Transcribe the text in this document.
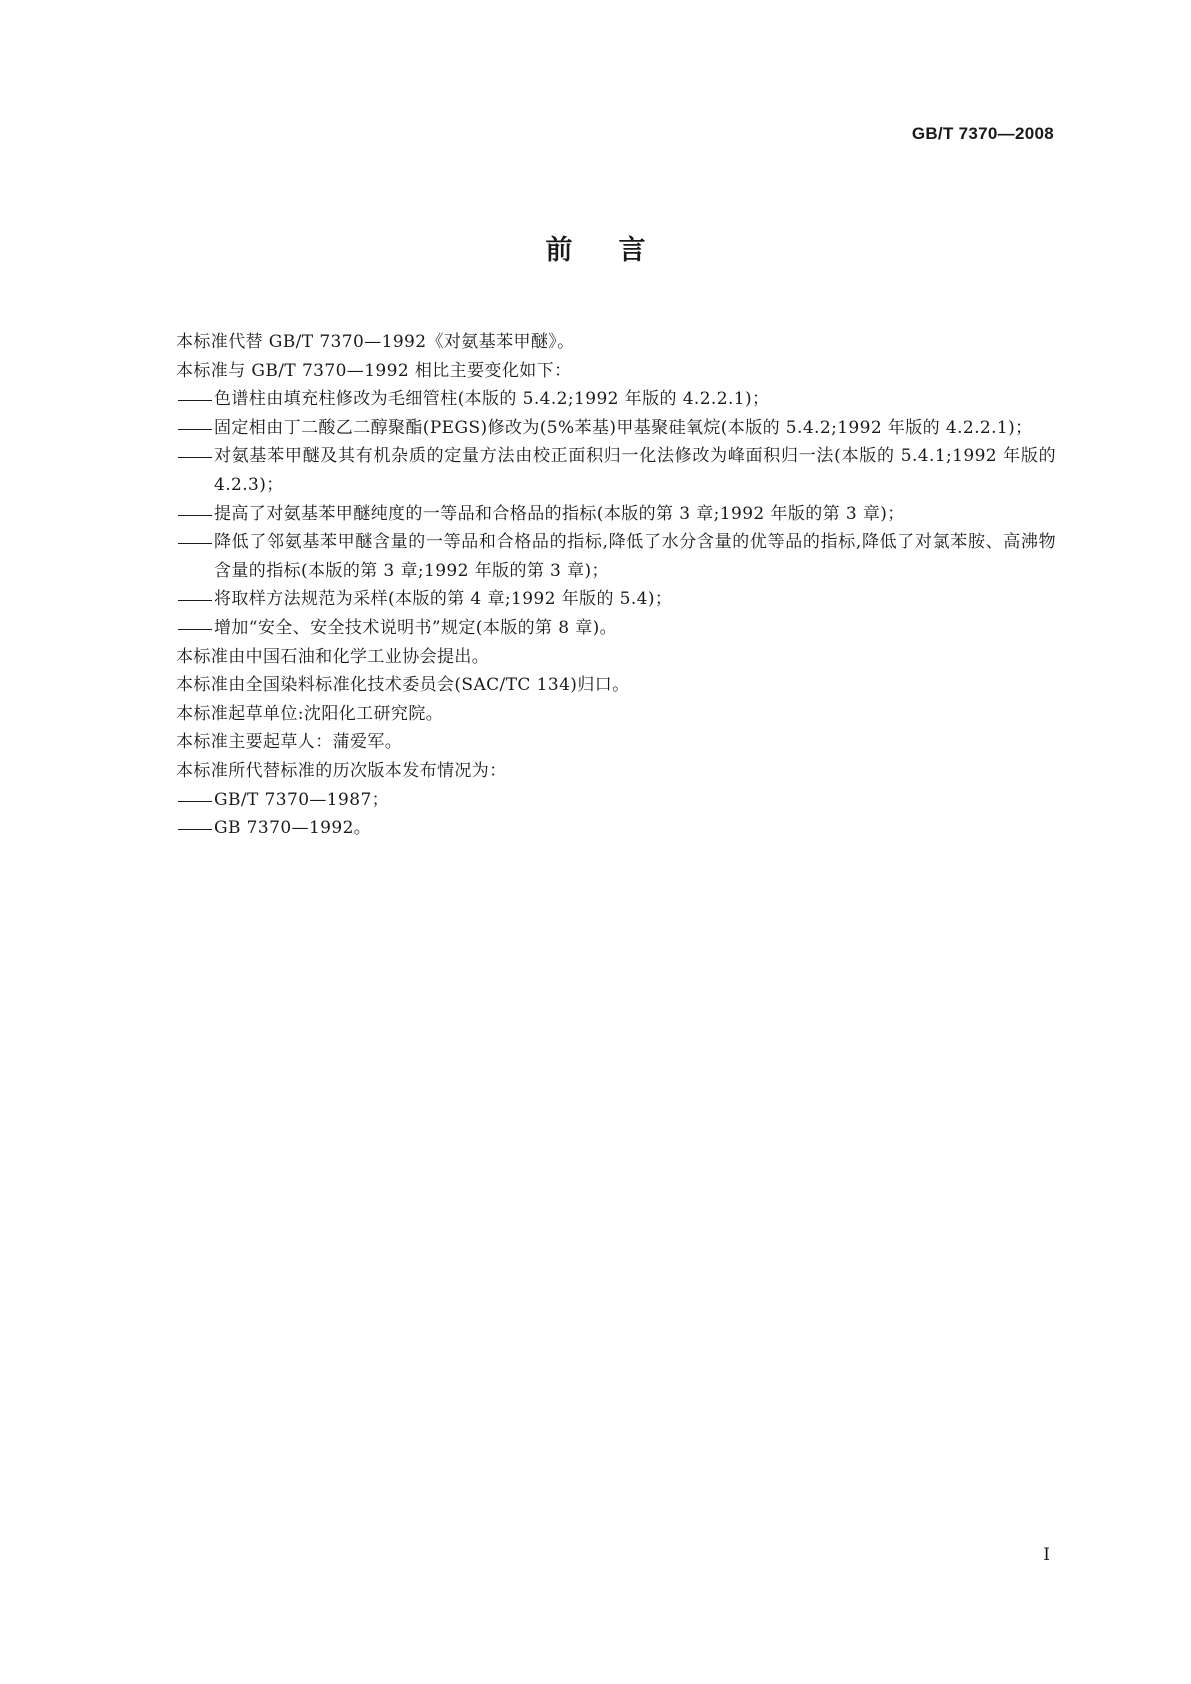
GB/T 7370—2008
前言
本标准代替 GB/T 7370—1992《对氨基苯甲醚》。
本标准与 GB/T 7370—1992 相比主要变化如下：
色谱柱由填充柱修改为毛细管柱(本版的 5.4.2;1992 年版的 4.2.2.1)；
固定相由丁二酸乙二醇聚酯(PEGS)修改为(5%苯基)甲基聚硅氧烷(本版的 5.4.2;1992 年版的 4.2.2.1)；
对氨基苯甲醚及其有机杂质的定量方法由校正面积归一化法修改为峰面积归一法(本版的 5.4.1;1992 年版的 4.2.3)；
提高了对氨基苯甲醚纯度的一等品和合格品的指标(本版的第 3 章;1992 年版的第 3 章)；
降低了邻氨基苯甲醚含量的一等品和合格品的指标,降低了水分含量的优等品的指标,降低了对氯苯胺、高沸物含量的指标(本版的第 3 章;1992 年版的第 3 章)；
将取样方法规范为采样(本版的第 4 章;1992 年版的 5.4)；
增加“安全、安全技术说明书”规定(本版的第 8 章)。
本标准由中国石油和化学工业协会提出。
本标准由全国染料标准化技术委员会(SAC/TC 134)归口。
本标准起草单位:沈阳化工研究院。
本标准主要起草人：蒲爱军。
本标准所代替标准的历次版本发布情况为：
GB/T 7370—1987；
GB 7370—1992。
I
